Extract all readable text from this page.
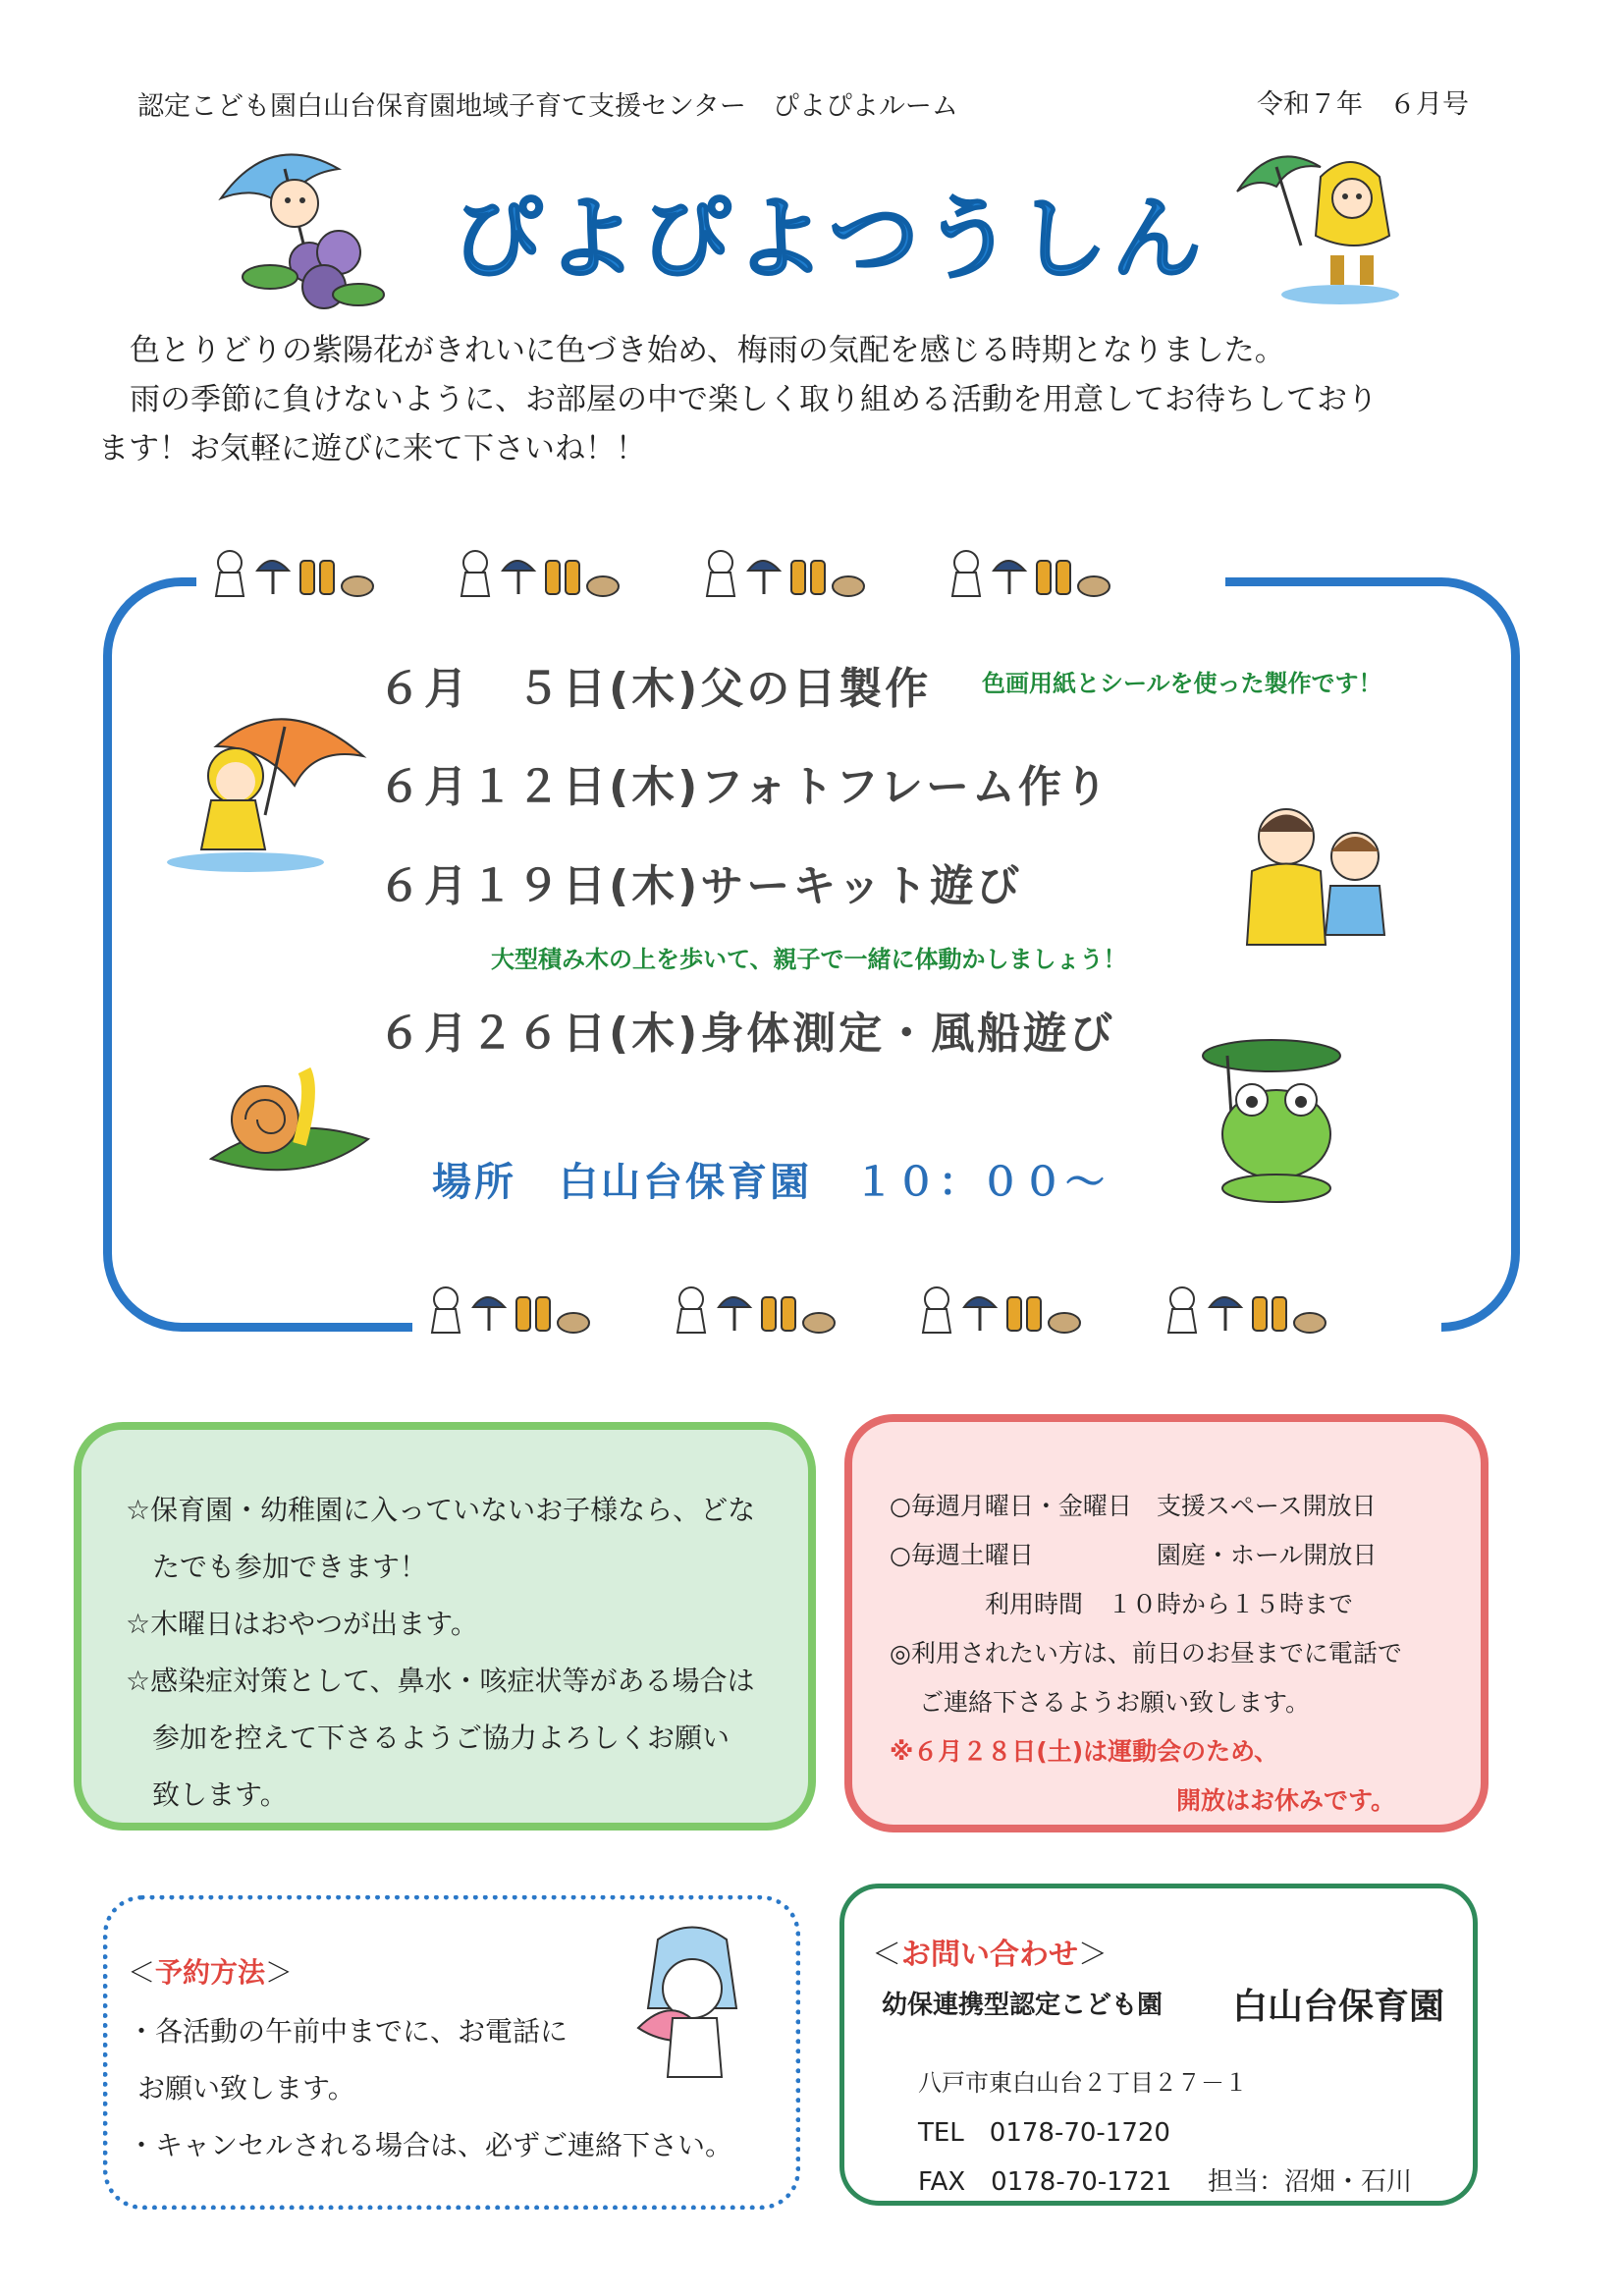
認定こども園白山台保育園地域子育て支援センター　ぴよぴよルーム	令和７年　６月号
ぴよぴよつうしん

色とりどりの紫陽花がきれいに色づき始め、梅雨の気配を感じる時期となりました。

雨の季節に負けないように、お部屋の中で楽しく取り組める活動を用意してお待ちしており

ます！お気軽に遊びに来て下さいね！！

６月　５日(木)父の日製作 色画用紙とシールを使った製作です！
６月１２日(木)フォトフレーム作り
６月１９日(木)サーキット遊び
大型積み木の上を歩いて、親子で一緒に体動かしましょう！
６月２６日(木)身体測定・風船遊び
場所　白山台保育園　１０：００～
☆保育園・幼稚園に入っていないお子様なら、どな
たでも参加できます！
☆木曜日はおやつが出ます。
☆感染症対策として、鼻水・咳症状等がある場合は
参加を控えて下さるようご協力よろしくお願い
致します。
○毎週月曜日・金曜日　支援スペース開放日
○毎週土曜日　　　　　園庭・ホール開放日
利用時間　１０時から１５時まで
◎利用されたい方は、前日のお昼までに電話で
ご連絡下さるようお願い致します。
※６月２８日(土)は運動会のため、
開放はお休みです。
＜予約方法＞
・各活動の午前中までに、お電話に
お願い致します。
・キャンセルされる場合は、必ずご連絡下さい。
＜お問い合わせ＞
幼保連携型認定こども園 白山台保育園
八戸市東白山台２丁目２７－１
TEL　0178-70-1720
FAX　0178-70-1721 担当：沼畑・石川
